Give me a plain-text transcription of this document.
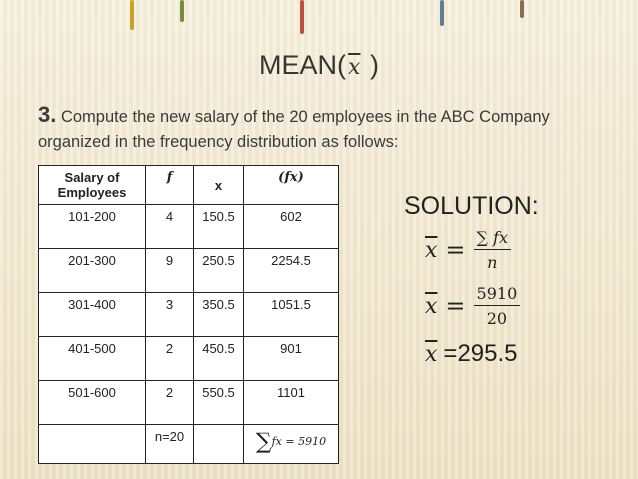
$MEAN(\overline{x}$ )
3. Compute the new salary of the 20 employees in the ABC Company organized in the frequency distribution as follows:
Salary of Employees	f	x	(fx)
101-200	4	150.5	602
201-300	9	250.5	2254.5
301-400	3	350.5	1051.5
401-500	2	450.5	901
501-600	2	550.5	1101
	n=20		∑fx = 5910
SOLUTION:
$\overline{x} = \frac{\sum fx}{n}$
$\overline{x} = \frac{5910}{20}$
$\overline{x} =295.5$
